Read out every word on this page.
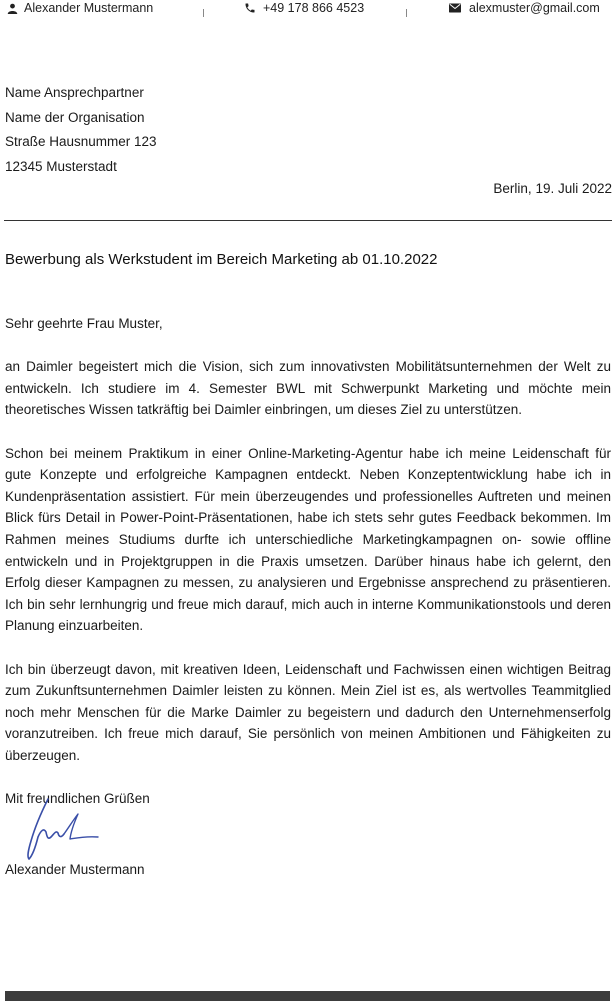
Alexander Mustermann	+49 178 866 4523	alexmuster@gmail.com
Name Ansprechpartner
Name der Organisation
Straße Hausnummer 123
12345 Musterstadt
Berlin, 19. Juli 2022
Bewerbung als Werkstudent im Bereich Marketing ab 01.10.2022

Sehr geehrte Frau Muster,

an Daimler begeistert mich die Vision, sich zum innovativsten Mobilitätsunternehmen der Welt zu entwickeln. Ich studiere im 4. Semester BWL mit Schwerpunkt Marketing und möchte mein theoretisches Wissen tatkräftig bei Daimler einbringen, um dieses Ziel zu unterstützen.

Schon bei meinem Praktikum in einer Online-Marketing-Agentur habe ich meine Leidenschaft für gute Konzepte und erfolgreiche Kampagnen entdeckt. Neben Konzeptentwicklung habe ich in Kundenpräsentation assistiert. Für mein überzeugendes und professionelles Auftreten und meinen Blick fürs Detail in Power-Point-Präsentationen, habe ich stets sehr gutes Feedback bekommen. Im Rahmen meines Studiums durfte ich unterschiedliche Marketingkampagnen on- sowie offline entwickeln und in Projektgruppen in die Praxis umsetzen. Darüber hinaus habe ich gelernt, den Erfolg dieser Kampagnen zu messen, zu analysieren und Ergebnisse ansprechend zu präsentieren. Ich bin sehr lernhungrig und freue mich darauf, mich auch in interne Kommunikationstools und deren Planung einzuarbeiten.

Ich bin überzeugt davon, mit kreativen Ideen, Leidenschaft und Fachwissen einen wichtigen Beitrag zum Zukunftsunternehmen Daimler leisten zu können. Mein Ziel ist es, als wertvolles Teammitglied noch mehr Menschen für die Marke Daimler zu begeistern und dadurch den Unternehmenserfolg voranzutreiben. Ich freue mich darauf, Sie persönlich von meinen Ambitionen und Fähigkeiten zu überzeugen.

Mit freundlichen Grüßen

Alexander Mustermann
